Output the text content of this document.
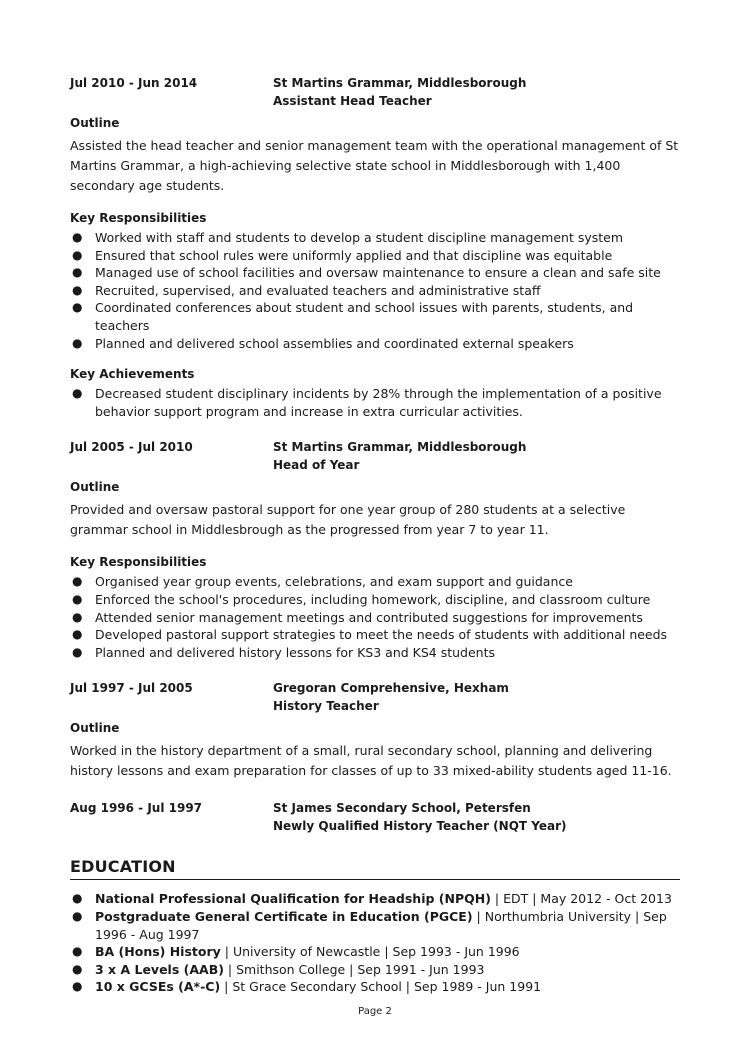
Jul 2010 - Jun 2014	St Martins Grammar, Middlesborough
Assistant Head Teacher
Outline

Assisted the head teacher and senior management team with the operational management of St Martins Grammar, a high-achieving selective state school in Middlesborough with 1,400 secondary age students.

Key Responsibilities
● Worked with staff and students to develop a student discipline management system
● Ensured that school rules were uniformly applied and that discipline was equitable
● Managed use of school facilities and oversaw maintenance to ensure a clean and safe site
● Recruited, supervised, and evaluated teachers and administrative staff
● Coordinated conferences about student and school issues with parents, students, and teachers
● Planned and delivered school assemblies and coordinated external speakers
Key Achievements
● Decreased student disciplinary incidents by 28% through the implementation of a positive behavior support program and increase in extra curricular activities.
Jul 2005 - Jul 2010	St Martins Grammar, Middlesborough
Head of Year
Outline

Provided and oversaw pastoral support for one year group of 280 students at a selective grammar school in Middlesbrough as the progressed from year 7 to year 11.

Key Responsibilities
● Organised year group events, celebrations, and exam support and guidance
● Enforced the school's procedures, including homework, discipline, and classroom culture
● Attended senior management meetings and contributed suggestions for improvements
● Developed pastoral support strategies to meet the needs of students with additional needs
● Planned and delivered history lessons for KS3 and KS4 students
Jul 1997 - Jul 2005	Gregoran Comprehensive, Hexham
History Teacher
Outline

Worked in the history department of a small, rural secondary school, planning and delivering history lessons and exam preparation for classes of up to 33 mixed-ability students aged 11-16.

Aug 1996 - Jul 1997	St James Secondary School, Petersfen
Newly Qualified History Teacher (NQT Year)
EDUCATION
● National Professional Qualification for Headship (NPQH) | EDT | May 2012 - Oct 2013
● Postgraduate General Certificate in Education (PGCE) | Northumbria University | Sep 1996 - Aug 1997
● BA (Hons) History | University of Newcastle | Sep 1993 - Jun 1996
● 3 x A Levels (AAB) | Smithson College | Sep 1991 - Jun 1993
● 10 x GCSEs (A*-C) | St Grace Secondary School | Sep 1989 - Jun 1991
Page 2
